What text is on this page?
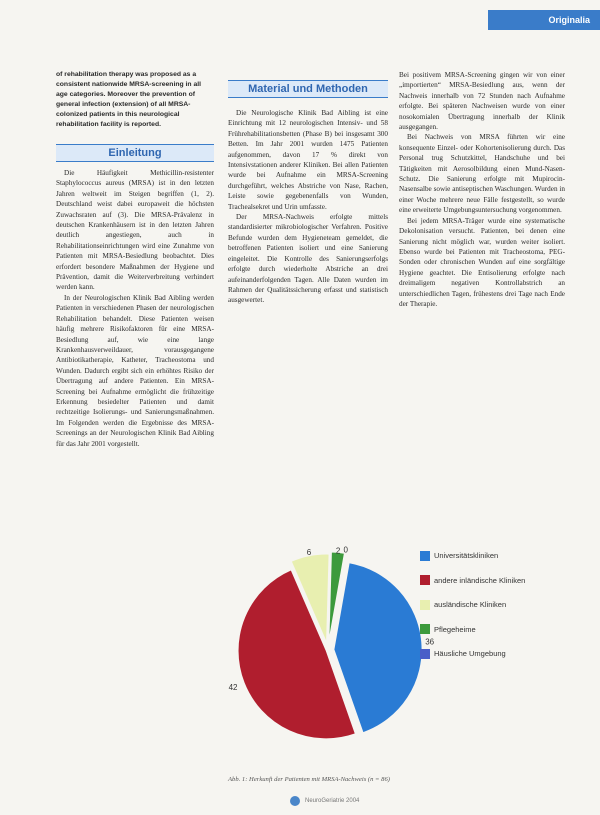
Originalia
of rehabilitation therapy was proposed as a consistent nationwide MRSA-screening in all age categories. Moreover the prevention of general infection (extension) of all MRSA-colonized patients in this neurological rehabilitation facility is reported.
Einleitung

Die Häufigkeit Methicillin-resistenter Staphylococcus aureus (MRSA) ist in den letzten Jahren weltweit im Steigen begriffen (1, 2). Deutschland weist dabei europaweit die höchsten Zuwachsraten auf (3). Die MRSA-Prävalenz in deutschen Krankenhäusern ist in den letzten Jahren deutlich angestiegen, auch in Rehabilitationseinrichtungen wird eine Zunahme von Patienten mit MRSA-Besiedlung beobachtet. Dies erfordert besondere Maßnahmen der Hygiene und Prävention, damit die Weiterverbreitung verhindert werden kann.

In der Neurologischen Klinik Bad Aibling werden Patienten in verschiedenen Phasen der neurologischen Rehabilitation behandelt. Diese Patienten weisen häufig mehrere Risikofaktoren für eine MRSA-Besiedlung auf, wie eine lange Krankenhausverweildauer, vorausgegangene Antibiotikatherapie, Katheter, Tracheostoma und Wunden. Dadurch ergibt sich ein erhöhtes Risiko der Übertragung auf andere Patienten. Ein MRSA-Screening bei Aufnahme ermöglicht die frühzeitige Erkennung besiedelter Patienten und damit rechtzeitige Isolierungs- und Sanierungsmaßnahmen. Im Folgenden werden die Ergebnisse des MRSA-Screenings an der Neurologischen Klinik Bad Aibling für das Jahr 2001 vorgestellt.

Material und Methoden

Die Neurologische Klinik Bad Aibling ist eine Einrichtung mit 12 neurologischen Intensiv- und 58 Frührehabilitationsbetten (Phase B) bei insgesamt 300 Betten. Im Jahr 2001 wurden 1475 Patienten aufgenommen, davon 17 % direkt von Intensivstationen anderer Kliniken. Bei allen Patienten wurde bei Aufnahme ein MRSA-Screening durchgeführt, welches Abstriche von Nase, Rachen, Leiste sowie gegebenenfalls von Wunden, Trachealsekret und Urin umfasste.

Der MRSA-Nachweis erfolgte mittels standardisierter mikrobiologischer Verfahren. Positive Befunde wurden dem Hygieneteam gemeldet, die betroffenen Patienten isoliert und eine Sanierung eingeleitet. Die Kontrolle des Sanierungserfolgs erfolgte durch wiederholte Abstriche an drei aufeinanderfolgenden Tagen. Alle Daten wurden im Rahmen der Qualitätssicherung erfasst und statistisch ausgewertet.

Bei positivem MRSA-Screening gingen wir von einer „importierten“ MRSA-Besiedlung aus, wenn der Nachweis innerhalb von 72 Stunden nach Aufnahme erfolgte. Bei späteren Nachweisen wurde von einer nosokomialen Übertragung innerhalb der Klinik ausgegangen.

Bei Nachweis von MRSA führten wir eine konsequente Einzel- oder Kohortenisolierung durch. Das Personal trug Schutzkittel, Handschuhe und bei Tätigkeiten mit Aerosolbildung einen Mund-Nasen-Schutz. Die Sanierung erfolgte mit Mupirocin-Nasensalbe sowie antiseptischen Waschungen. Wurden in einer Woche mehrere neue Fälle festgestellt, so wurde eine erweiterte Umgebungsuntersuchung vorgenommen.

Bei jedem MRSA-Träger wurde eine systematische Dekolonisation versucht. Patienten, bei denen eine Sanierung nicht möglich war, wurden weiter isoliert. Ebenso wurde bei Patienten mit Tracheostoma, PEG-Sonden oder chronischen Wunden auf eine sorgfältige Hygiene geachtet. Die Entisolierung erfolgte nach dreimaligem negativen Kontrollabstrich an unterschiedlichen Tagen, frühestens drei Tage nach Ende der Therapie.

36
42
6	2 0
Universitätskliniken
andere inländische Kliniken
ausländische Kliniken
Pflegeheime
Häusliche Umgebung
Abb. 1: Herkunft der Patienten mit MRSA-Nachweis (n = 86)
NeuroGeriatrie 2004
